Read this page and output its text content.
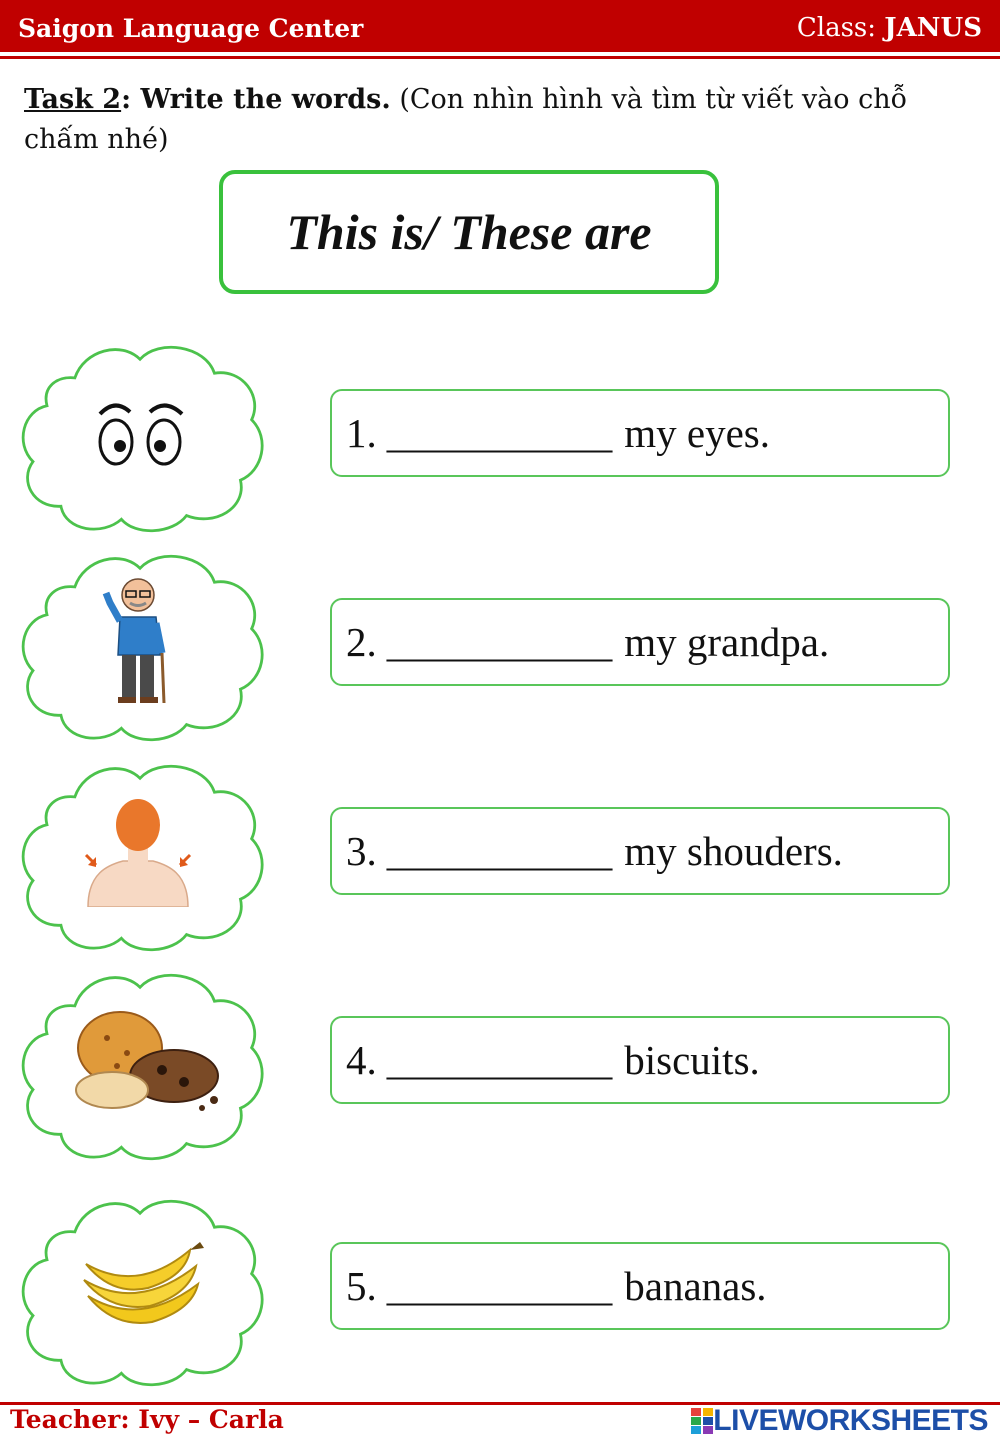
Saigon Language Center	Class: JANUS
Task 2: Write the words. (Con nhìn hình và tìm từ viết vào chỗ chấm nhé)
This is/ These are
1. ___________ my eyes.
2. ___________ my grandpa.
3. ___________ my shouders.
4. ___________ biscuits.
5. ___________ bananas.
Teacher: Ivy – Carla	LIVEWORKSHEETS
